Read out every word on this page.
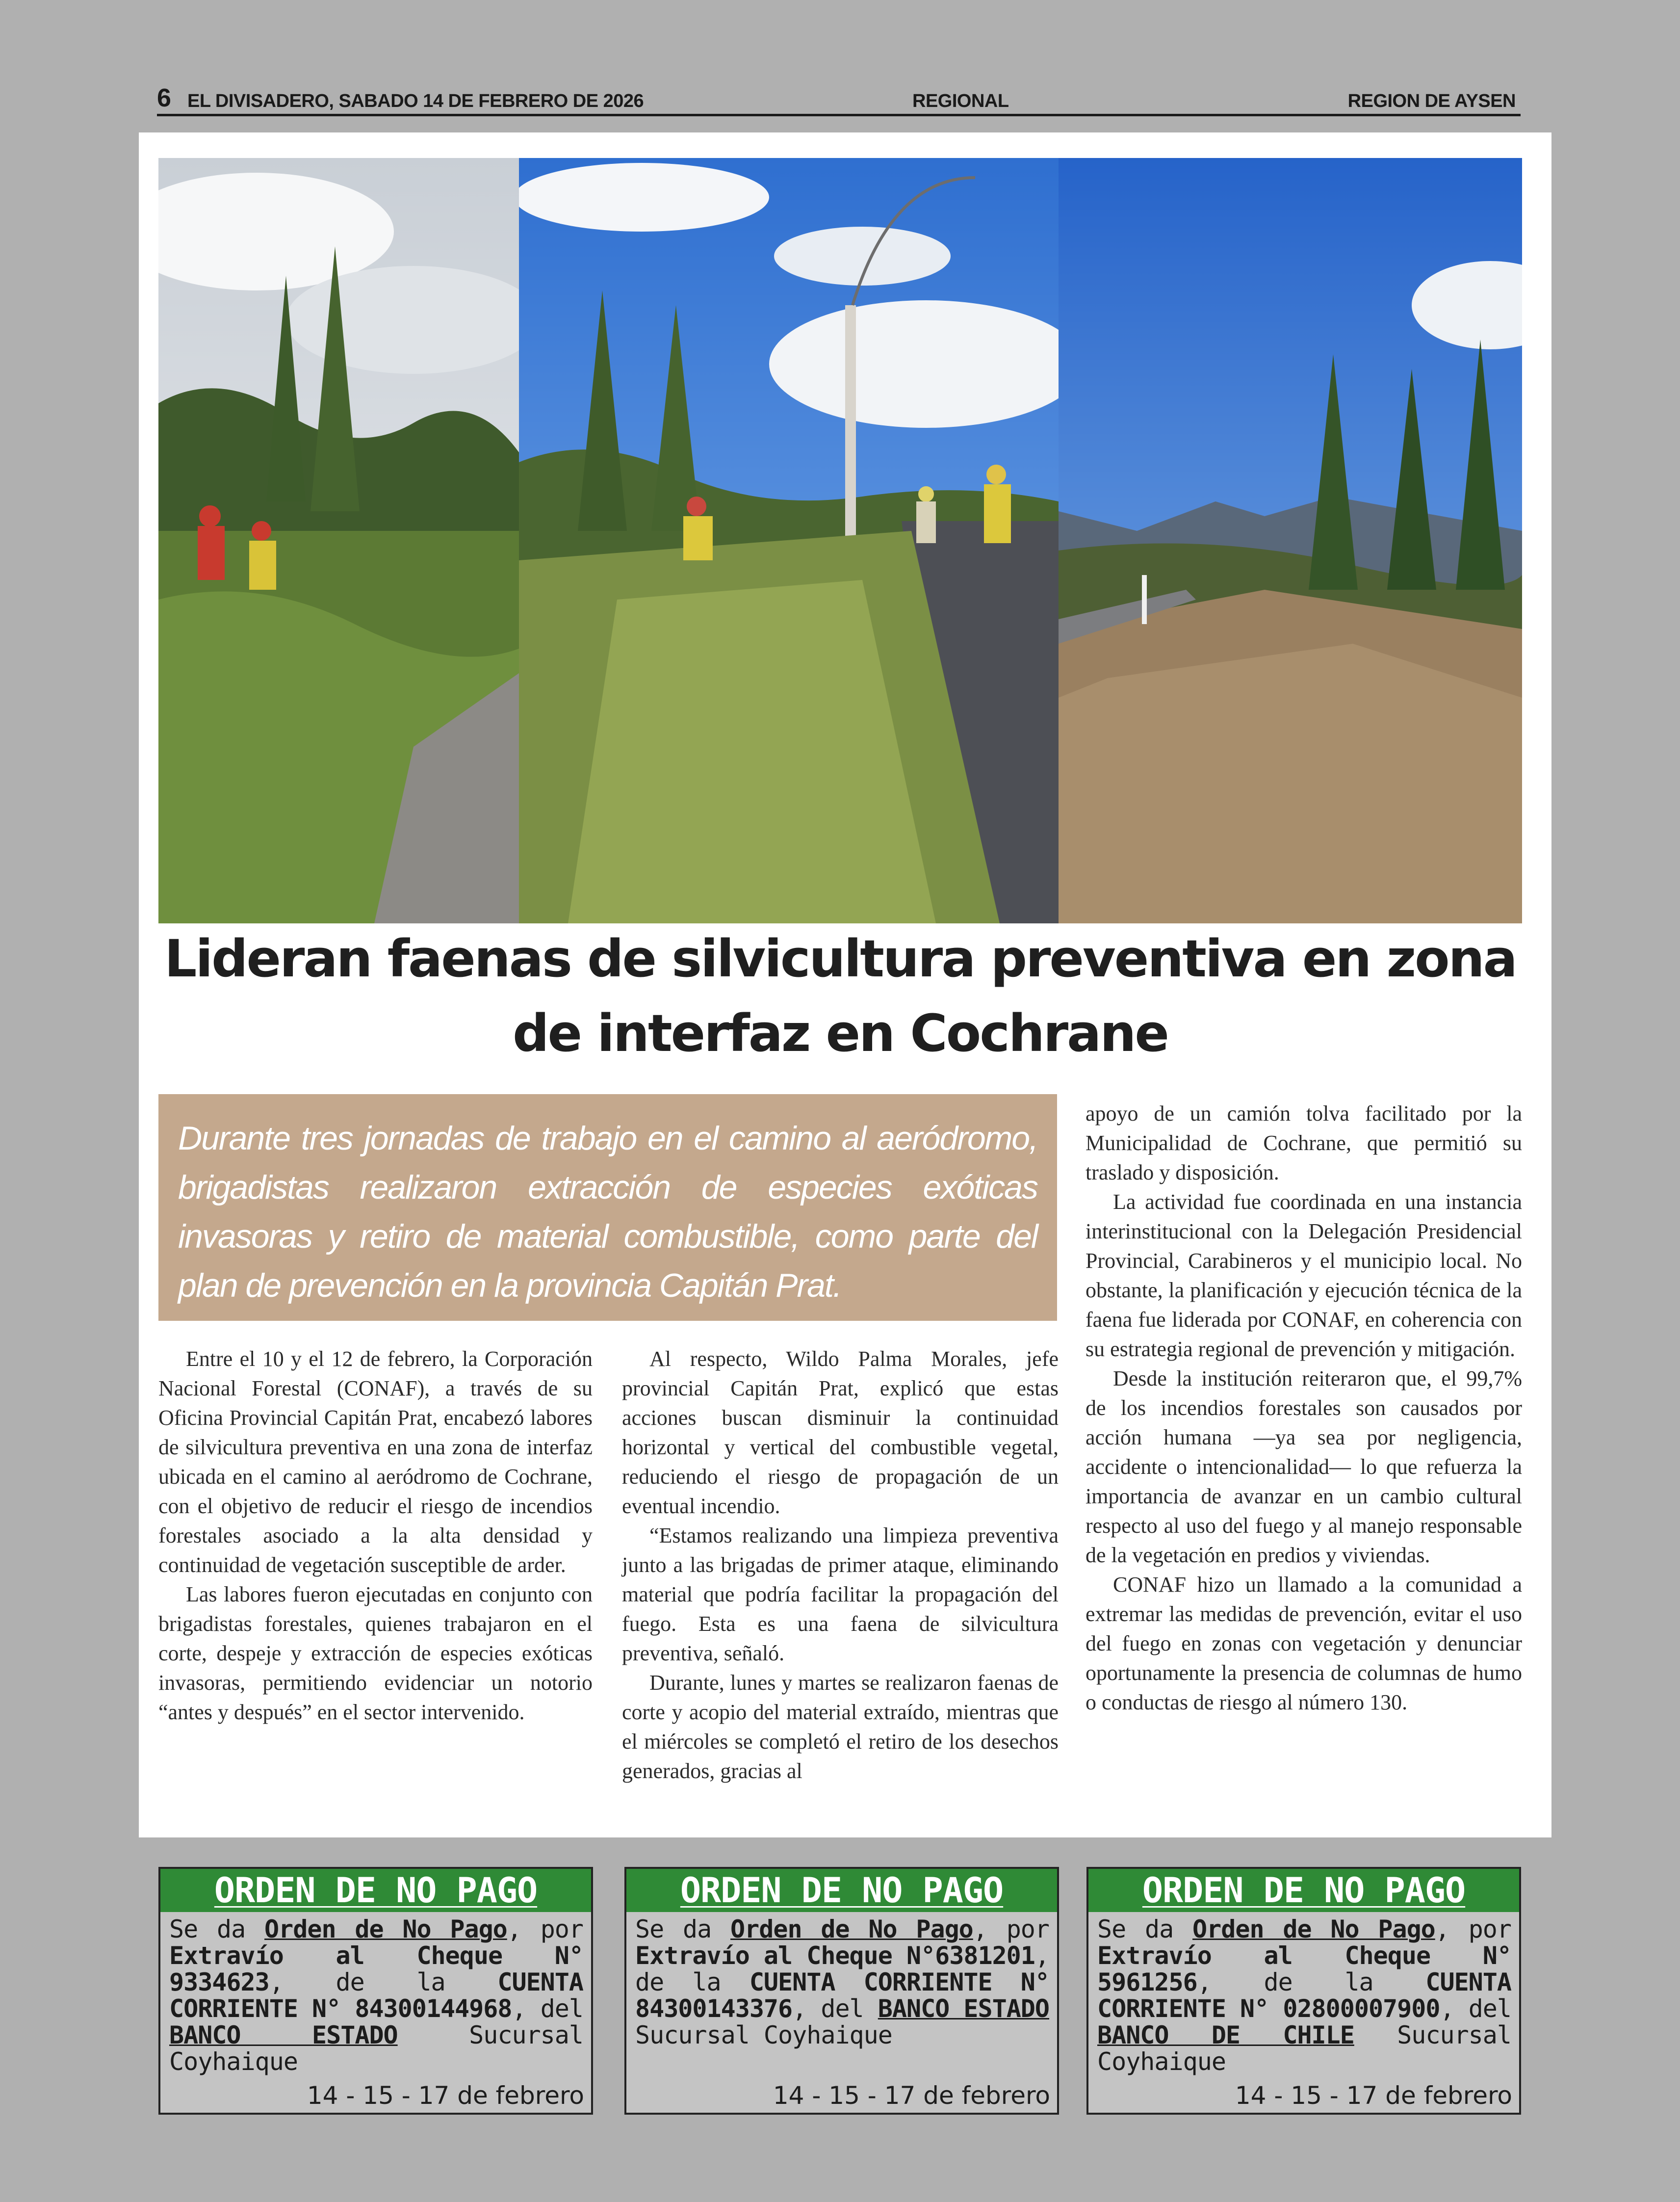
6 EL DIVISADERO, SABADO 14 DE FEBRERO DE 2026	REGIONAL	REGION DE AYSEN
Lideran faenas de silvicultura preventiva en zona
de interfaz en Cochrane
Durante tres jornadas de trabajo en el camino al aeródromo, brigadistas realizaron extracción de especies exóticas invasoras y retiro de material combustible, como parte del plan de prevención en la provincia Capitán Prat.

Entre el 10 y el 12 de febrero, la Corporación Nacional Forestal (CONAF), a través de su Oficina Provincial Capitán Prat, encabezó labores de silvicultura preventiva en una zona de interfaz ubicada en el camino al aeródromo de Cochrane, con el objetivo de reducir el riesgo de incendios forestales asociado a la alta densidad y continuidad de vegetación susceptible de arder.

Las labores fueron ejecutadas en conjunto con brigadistas forestales, quienes trabajaron en el corte, despeje y extracción de especies exóticas invasoras, permitiendo evidenciar un notorio “antes y después” en el sector intervenido.

Al respecto, Wildo Palma Morales, jefe provincial Capitán Prat, explicó que estas acciones buscan disminuir la continuidad horizontal y vertical del combustible vegetal, reduciendo el riesgo de propagación de un eventual incendio.

“Estamos realizando una limpieza preventiva junto a las brigadas de primer ataque, eliminando material que podría facilitar la propagación del fuego. Esta es una faena de silvicultura preventiva, señaló.

Durante, lunes y martes se realizaron faenas de corte y acopio del material extraído, mientras que el miércoles se completó el retiro de los desechos generados, gracias al

apoyo de un camión tolva facilitado por la Municipalidad de Cochrane, que permitió su traslado y disposición.

La actividad fue coordinada en una instancia interinstitucional con la Delegación Presidencial Provincial, Carabineros y el municipio local. No obstante, la planificación y ejecución técnica de la faena fue liderada por CONAF, en coherencia con su estrategia regional de prevención y mitigación.

Desde la institución reiteraron que, el 99,7% de los incendios forestales son causados por acción humana —ya sea por negligencia, accidente o intencionalidad— lo que refuerza la importancia de avanzar en un cambio cultural respecto al uso del fuego y al manejo responsable de la vegetación en predios y viviendas.

CONAF hizo un llamado a la comunidad a extremar las medidas de prevención, evitar el uso del fuego en zonas con vegetación y denunciar oportunamente la presencia de columnas de humo o conductas de riesgo al número 130.

ORDEN DE NO PAGO
Se da Orden de No Pago, por Extravío al Cheque N° 9334623, de la CUENTA CORRIENTE N° 84300144968, del BANCO ESTADO Sucursal Coyhaique
14 - 15 - 17 de febrero
ORDEN DE NO PAGO
Se da Orden de No Pago, por Extravío al Cheque N°6381201, de la CUENTA CORRIENTE N° 84300143376, del BANCO ESTADO Sucursal Coyhaique
14 - 15 - 17 de febrero
ORDEN DE NO PAGO
Se da Orden de No Pago, por Extravío al Cheque N° 5961256, de la CUENTA CORRIENTE N° 02800007900, del BANCO DE CHILE Sucursal Coyhaique
14 - 15 - 17 de febrero
